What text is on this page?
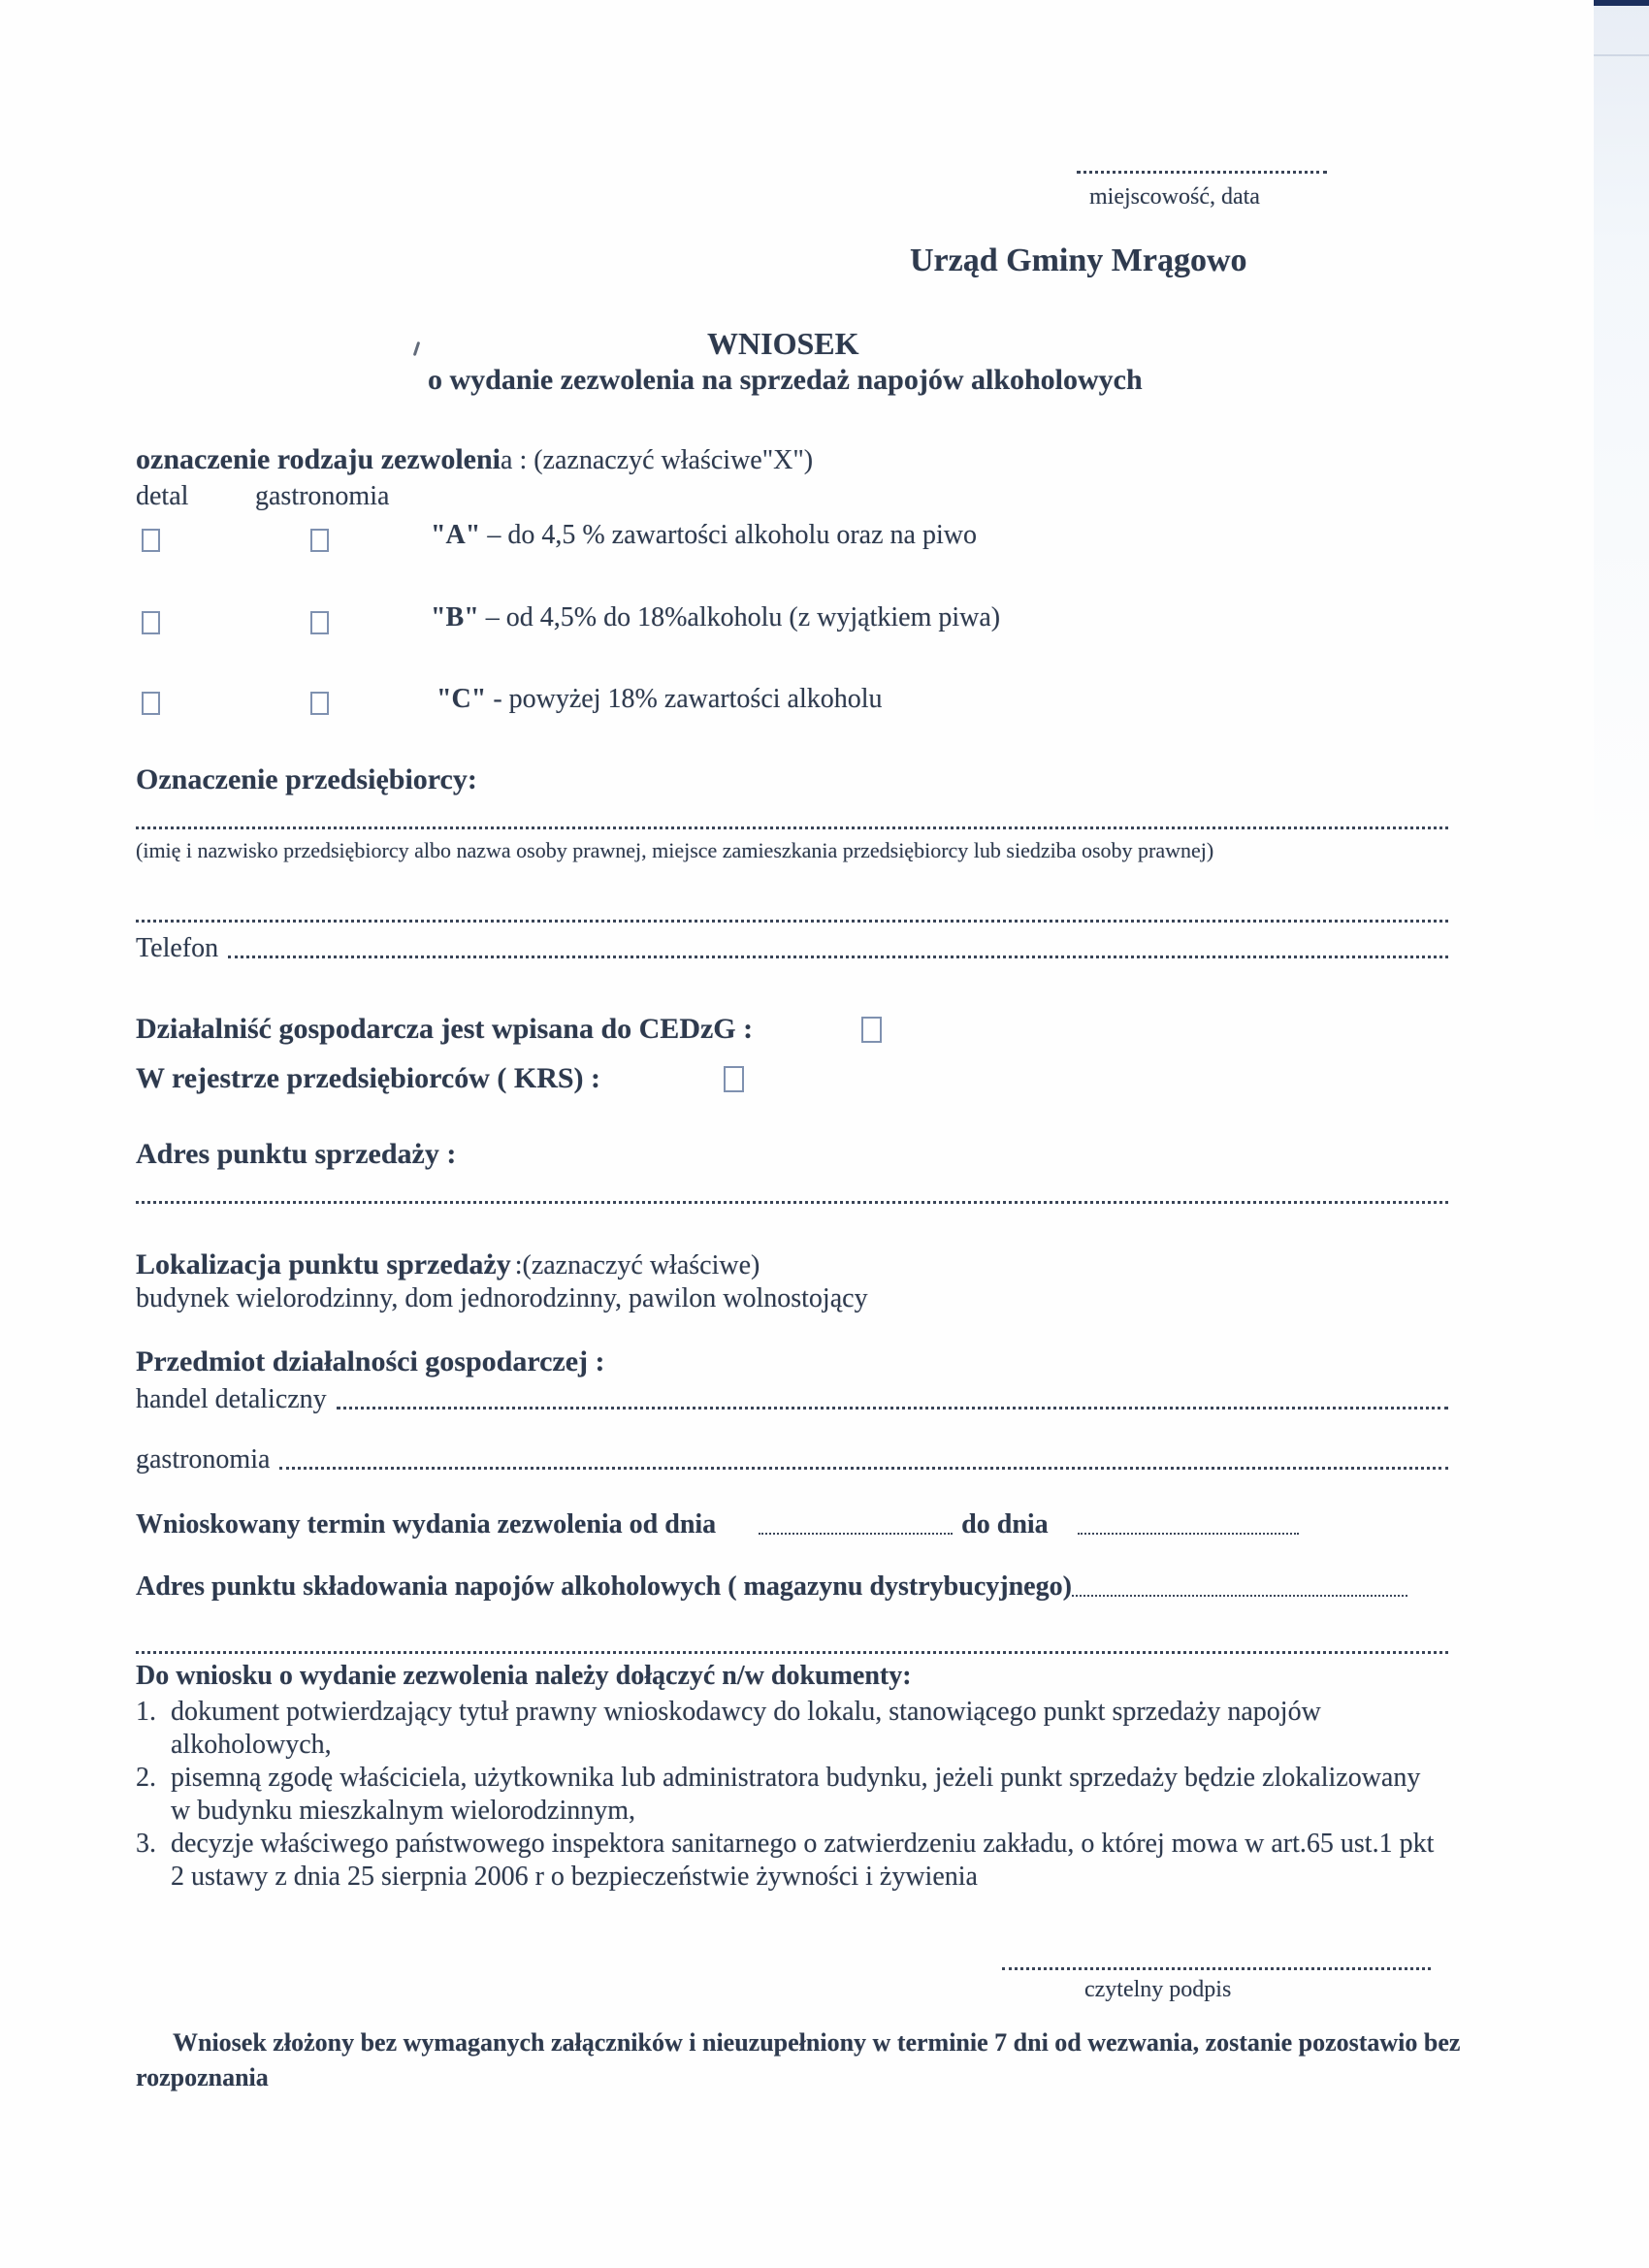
miejscowość, data
Urząd Gminy Mrągowo
WNIOSEK
o wydanie zezwolenia na sprzedaż napojów alkoholowych
oznaczenie rodzaju zezwolenia : (zaznaczyć właściwe"X")
detal gastronomia
"A" – do 4,5 % zawartości alkoholu oraz na piwo
"B" – od 4,5% do 18%alkoholu (z wyjątkiem piwa)
"C" - powyżej 18% zawartości alkoholu
Oznaczenie przedsiębiorcy:
(imię i nazwisko przedsiębiorcy albo nazwa osoby prawnej, miejsce zamieszkania przedsiębiorcy lub siedziba osoby prawnej)
Telefon
Działalniść gospodarcza jest wpisana do CEDzG :
W rejestrze przedsiębiorców ( KRS) :
Adres punktu sprzedaży :
Lokalizacja punktu sprzedaży :(zaznaczyć właściwe)
budynek wielorodzinny, dom jednorodzinny, pawilon wolnostojący
Przedmiot działalności gospodarczej :
handel detaliczny
gastronomia
Wnioskowany termin wydania zezwolenia od dnia	do dnia
Adres punktu składowania napojów alkoholowych ( magazynu dystrybucyjnego)
Do wniosku o wydanie zezwolenia należy dołączyć n/w dokumenty:
1. dokument potwierdzający tytuł prawny wnioskodawcy do lokalu, stanowiącego punkt sprzedaży napojów
alkoholowych,
2. pisemną zgodę właściciela, użytkownika lub administratora budynku, jeżeli punkt sprzedaży będzie zlokalizowany
w budynku mieszkalnym wielorodzinnym,
3. decyzje właściwego państwowego inspektora sanitarnego o zatwierdzeniu zakładu, o której mowa w art.65 ust.1 pkt
2 ustawy z dnia 25 sierpnia 2006 r o bezpieczeństwie żywności i żywienia
czytelny podpis
Wniosek złożony bez wymaganych załączników i nieuzupełniony w terminie 7 dni od wezwania, zostanie pozostawio bez
rozpoznania
